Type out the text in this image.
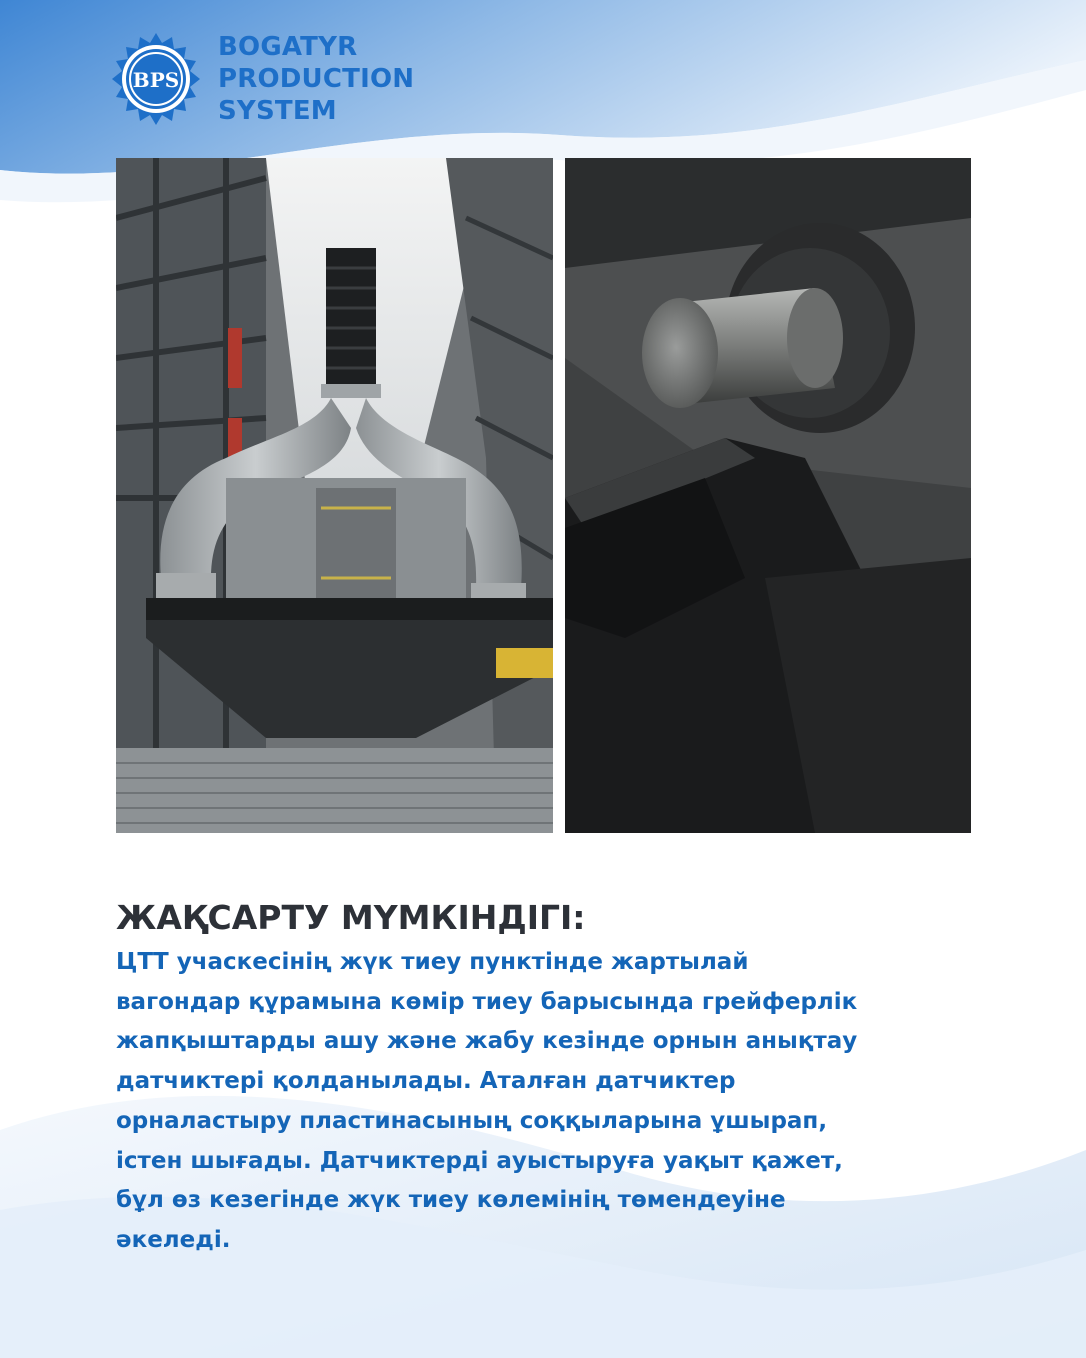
BPS
BOGATYR
PRODUCTION
SYSTEM
ЖАҚСАРТУ МҮМКІНДІГІ:
ЦТТ учаскесінің жүк тиеу пунктінде жартылай
вагондар құрамына көмір тиеу барысында грейферлік
жапқыштарды ашу және жабу кезінде орнын анықтау
датчиктері қолданылады. Аталған датчиктер
орналастыру пластинасының соққыларына ұшырап,
істен шығады. Датчиктерді ауыстыруға уақыт қажет,
бұл өз кезегінде жүк тиеу көлемінің төмендеуіне
әкеледі.
